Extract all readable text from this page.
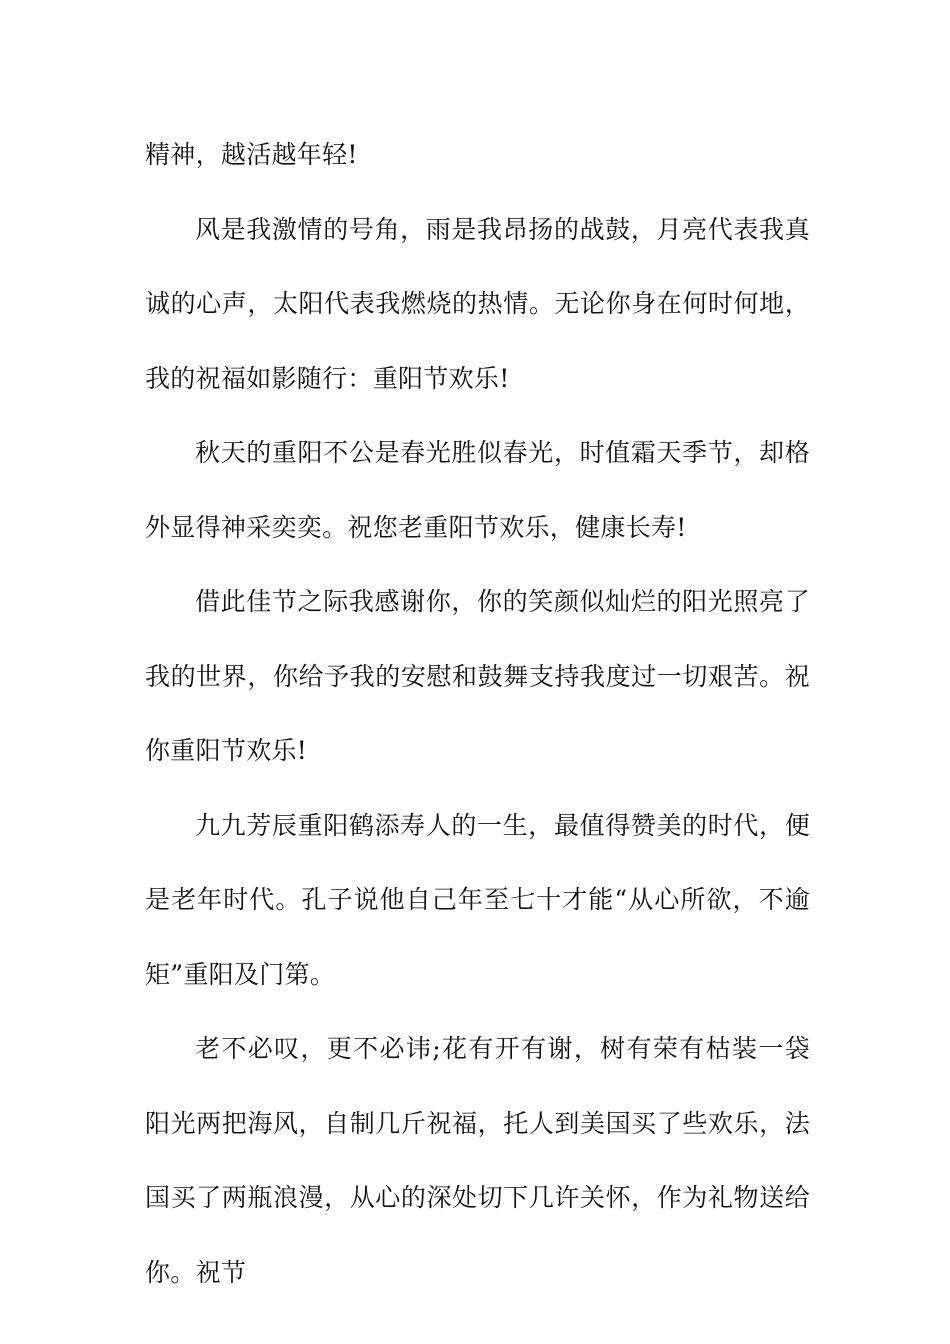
精神，越活越年轻!

风是我激情的号角，雨是我昂扬的战鼓，月亮代表我真诚的心声，太阳代表我燃烧的热情。无论你身在何时何地，我的祝福如影随行：重阳节欢乐!

秋天的重阳不公是春光胜似春光，时值霜天季节，却格外显得神采奕奕。祝您老重阳节欢乐，健康长寿!

借此佳节之际我感谢你，你的笑颜似灿烂的阳光照亮了我的世界，你给予我的安慰和鼓舞支持我度过一切艰苦。祝你重阳节欢乐!

九九芳辰重阳鹤添寿人的一生，最值得赞美的时代，便是老年时代。孔子说他自己年至七十才能“从心所欲，不逾矩”重阳及门第。

老不必叹，更不必讳;花有开有谢，树有荣有枯装一袋阳光两把海风，自制几斤祝福，托人到美国买了些欢乐，法国买了两瓶浪漫，从心的深处切下几许关怀，作为礼物送给你。祝节
